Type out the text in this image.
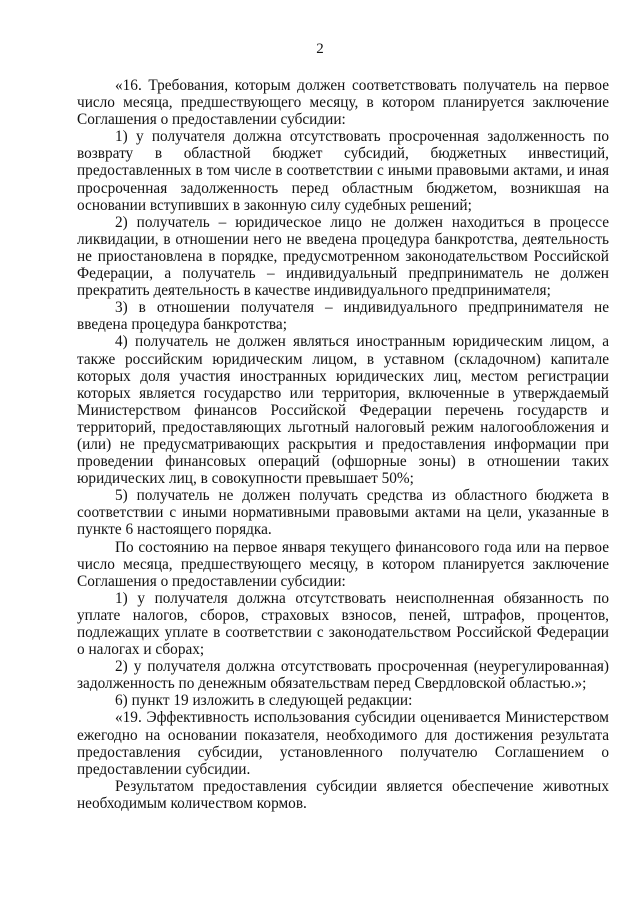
2

«16. Требования, которым должен соответствовать получатель на первое число месяца, предшествующего месяцу, в котором планируется заключение Соглашения о предоставлении субсидии:

1) у получателя должна отсутствовать просроченная задолженность по возврату в областной бюджет субсидий, бюджетных инвестиций, предоставленных в том числе в соответствии с иными правовыми актами, и иная просроченная задолженность перед областным бюджетом, возникшая на основании вступивших в законную силу судебных решений;

2) получатель – юридическое лицо не должен находиться в процессе ликвидации, в отношении него не введена процедура банкротства, деятельность не приостановлена в порядке, предусмотренном законодательством Российской Федерации, а получатель – индивидуальный предприниматель не должен прекратить деятельность в качестве индивидуального предпринимателя;

3) в отношении получателя – индивидуального предпринимателя не введена процедура банкротства;

4) получатель не должен являться иностранным юридическим лицом, а также российским юридическим лицом, в уставном (складочном) капитале которых доля участия иностранных юридических лиц, местом регистрации которых является государство или территория, включенные в утверждаемый Министерством финансов Российской Федерации перечень государств и территорий, предоставляющих льготный налоговый режим налогообложения и (или) не предусматривающих раскрытия и предоставления информации при проведении финансовых операций (офшорные зоны) в отношении таких юридических лиц, в совокупности превышает 50%;

5) получатель не должен получать средства из областного бюджета в соответствии с иными нормативными правовыми актами на цели, указанные в пункте 6 настоящего порядка.

По состоянию на первое января текущего финансового года или на первое число месяца, предшествующего месяцу, в котором планируется заключение Соглашения о предоставлении субсидии:

1) у получателя должна отсутствовать неисполненная обязанность по уплате налогов, сборов, страховых взносов, пеней, штрафов, процентов, подлежащих уплате в соответствии с законодательством Российской Федерации о налогах и сборах;

2) у получателя должна отсутствовать просроченная (неурегулированная) задолженность по денежным обязательствам перед Свердловской областью.»;

6) пункт 19 изложить в следующей редакции:

«19. Эффективность использования субсидии оценивается Министерством ежегодно на основании показателя, необходимого для достижения результата предоставления субсидии, установленного получателю Соглашением о предоставлении субсидии.

Результатом предоставления субсидии является обеспечение животных необходимым количеством кормов.
